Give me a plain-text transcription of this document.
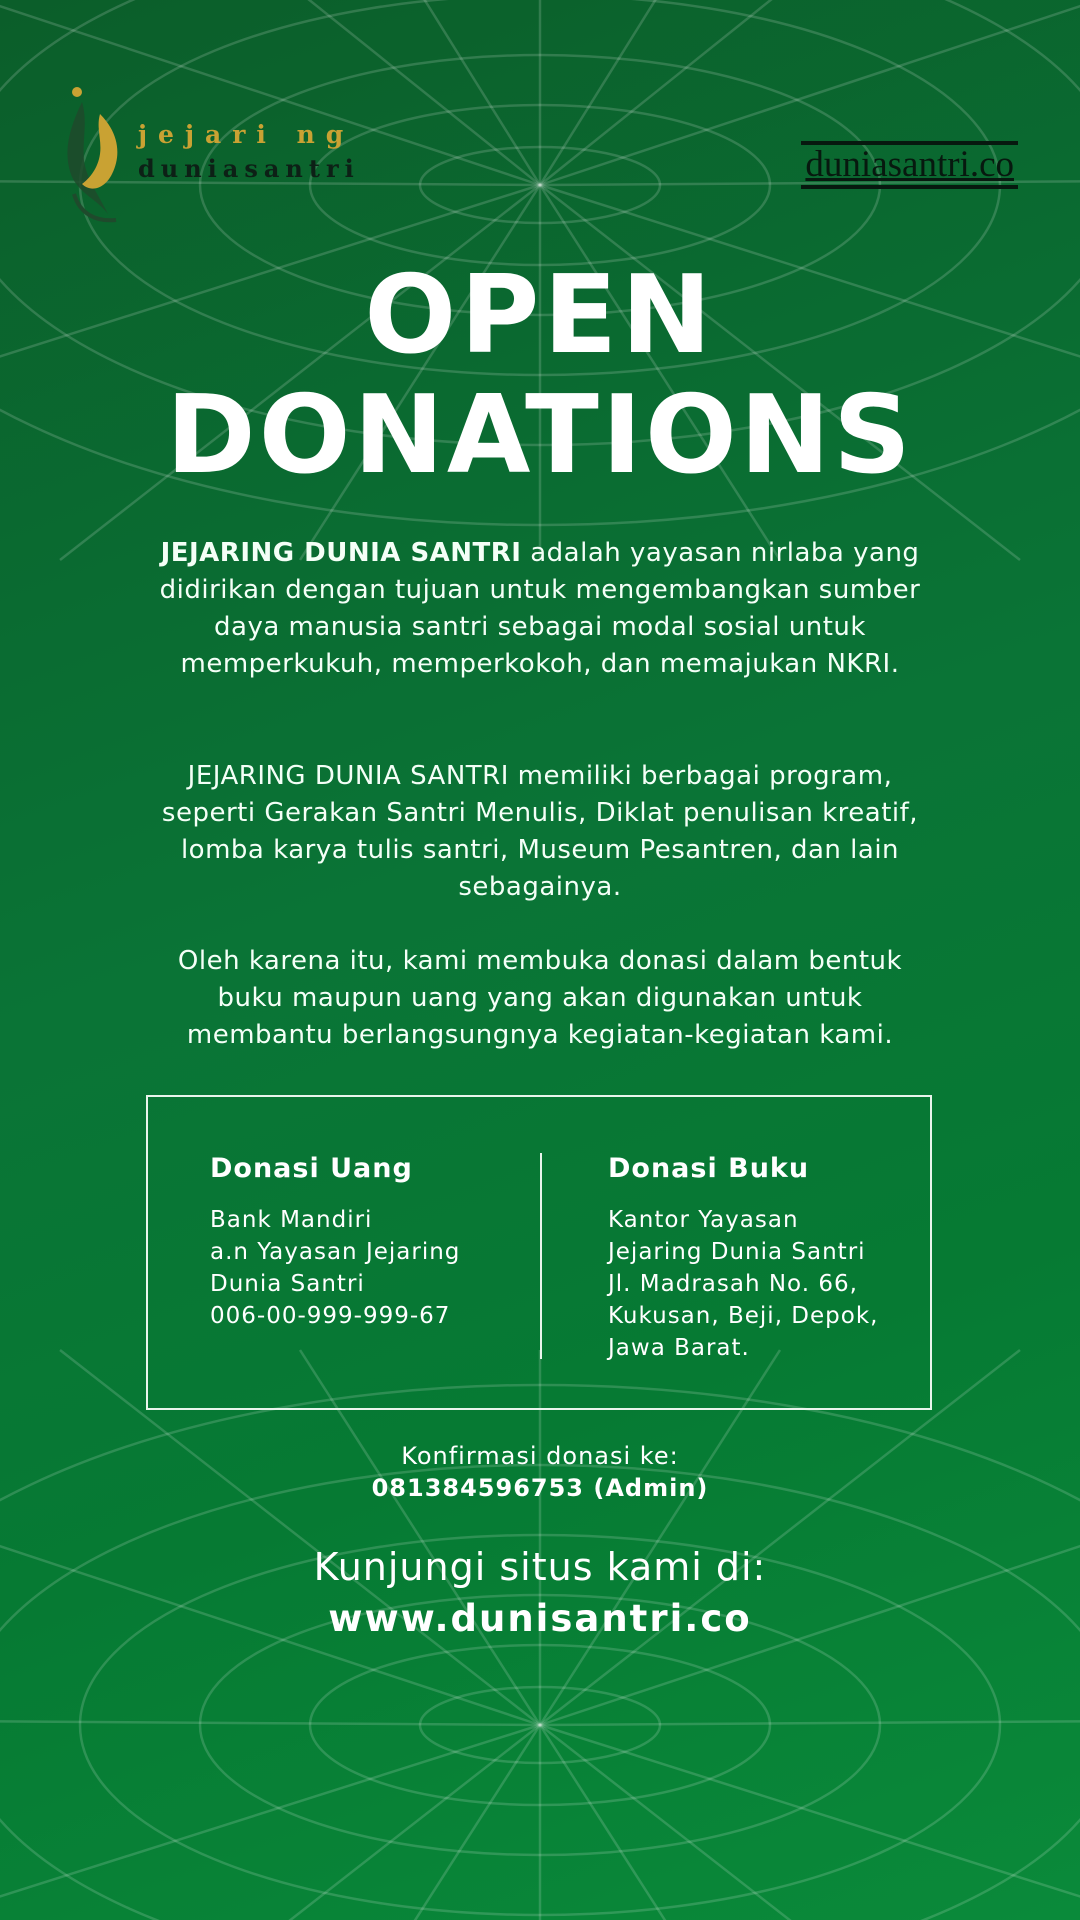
jejari ng
duniasantri	duniasantri.co
OPEN
DONATIONS
JEJARING DUNIA SANTRI adalah yayasan nirlaba yang didirikan dengan tujuan untuk mengembangkan sumber daya manusia santri sebagai modal sosial untuk memperkukuh, memperkokoh, dan memajukan NKRI.
JEJARING DUNIA SANTRI memiliki berbagai program, seperti Gerakan Santri Menulis, Diklat penulisan kreatif, lomba karya tulis santri, Museum Pesantren, dan lain sebagainya.
Oleh karena itu, kami membuka donasi dalam bentuk buku maupun uang yang akan digunakan untuk membantu berlangsungnya kegiatan-kegiatan kami.
Donasi Uang
Bank Mandiri
a.n Yayasan Jejaring
Dunia Santri
006-00-999-999-67
Donasi Buku
Kantor Yayasan
Jejaring Dunia Santri
Jl. Madrasah No. 66,
Kukusan, Beji, Depok,
Jawa Barat.
Konfirmasi donasi ke:
081384596753 (Admin)
Kunjungi situs kami di:
www.dunisantri.co
